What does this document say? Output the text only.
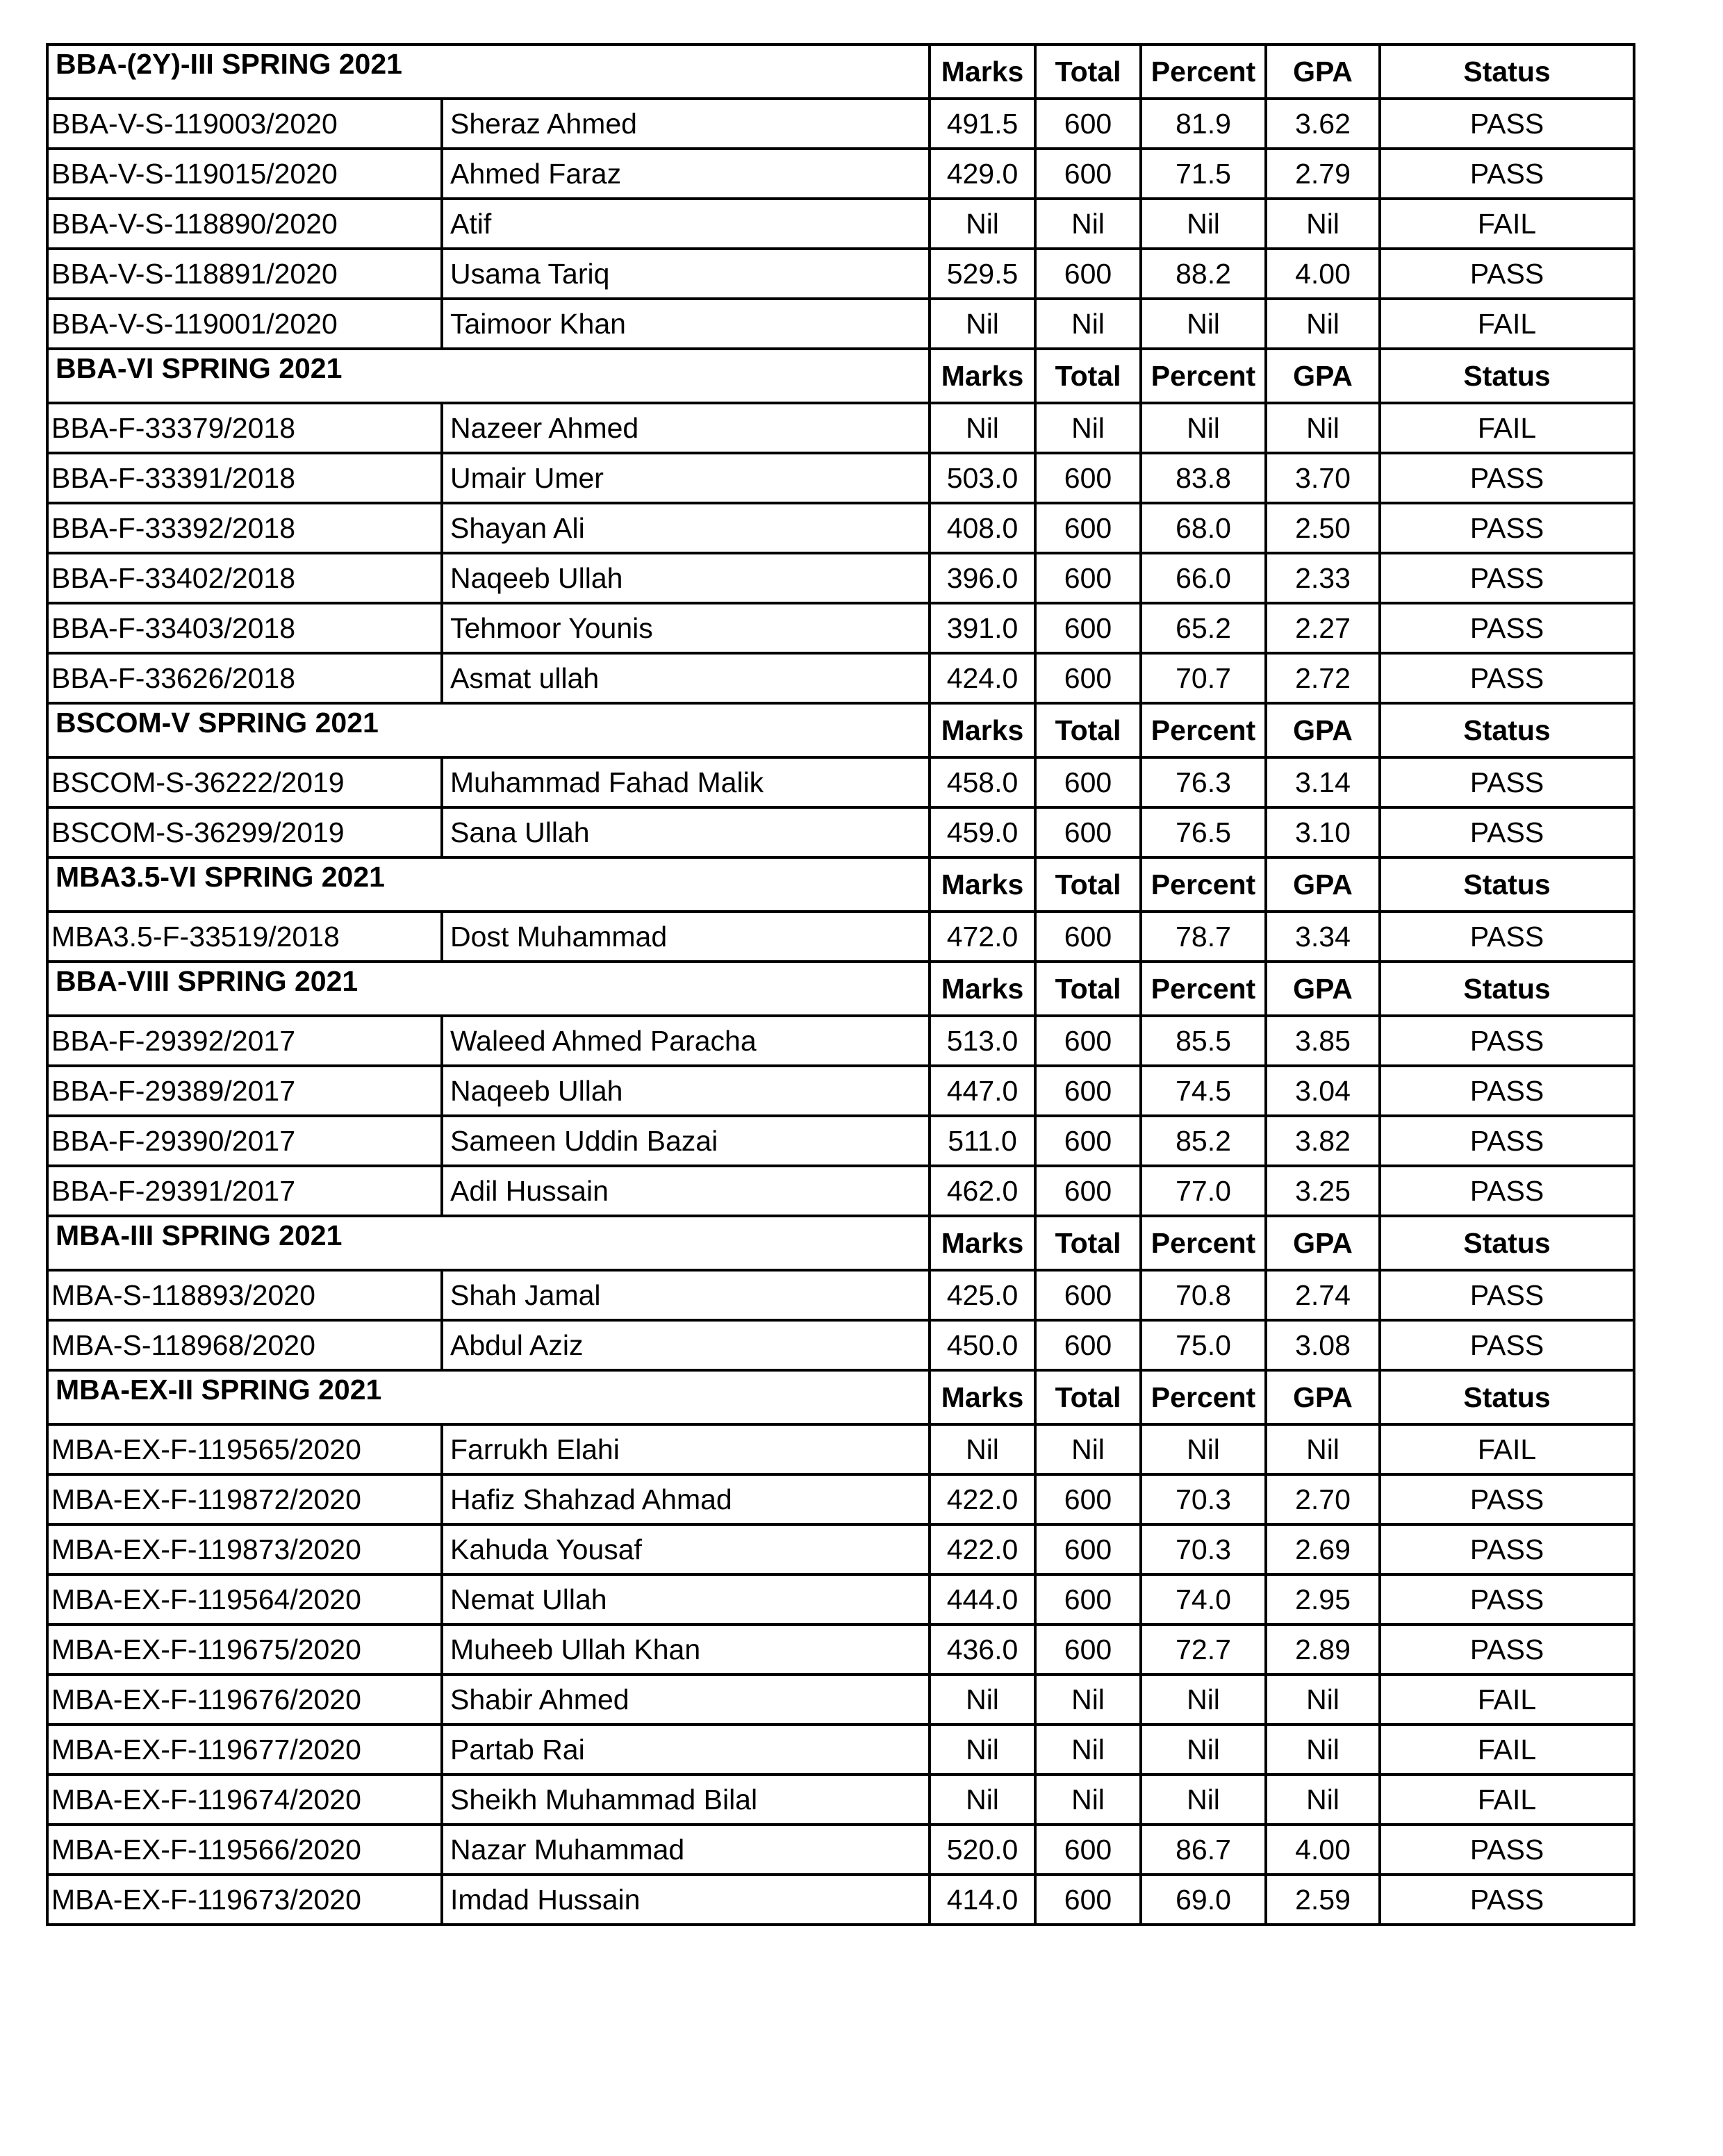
BBA-(2Y)-III SPRING 2021		Marks	Total	Percent	GPA	Status
BBA-V-S-119003/2020	Sheraz Ahmed	491.5	600	81.9	3.62	PASS
BBA-V-S-119015/2020	Ahmed Faraz	429.0	600	71.5	2.79	PASS
BBA-V-S-118890/2020	Atif	Nil	Nil	Nil	Nil	FAIL
BBA-V-S-118891/2020	Usama Tariq	529.5	600	88.2	4.00	PASS
BBA-V-S-119001/2020	Taimoor Khan	Nil	Nil	Nil	Nil	FAIL
BBA-VI SPRING 2021		Marks	Total	Percent	GPA	Status
BBA-F-33379/2018	Nazeer Ahmed	Nil	Nil	Nil	Nil	FAIL
BBA-F-33391/2018	Umair Umer	503.0	600	83.8	3.70	PASS
BBA-F-33392/2018	Shayan Ali	408.0	600	68.0	2.50	PASS
BBA-F-33402/2018	Naqeeb Ullah	396.0	600	66.0	2.33	PASS
BBA-F-33403/2018	Tehmoor Younis	391.0	600	65.2	2.27	PASS
BBA-F-33626/2018	Asmat ullah	424.0	600	70.7	2.72	PASS
BSCOM-V SPRING 2021		Marks	Total	Percent	GPA	Status
BSCOM-S-36222/2019	Muhammad Fahad Malik	458.0	600	76.3	3.14	PASS
BSCOM-S-36299/2019	Sana Ullah	459.0	600	76.5	3.10	PASS
MBA3.5-VI SPRING 2021		Marks	Total	Percent	GPA	Status
MBA3.5-F-33519/2018	Dost Muhammad	472.0	600	78.7	3.34	PASS
BBA-VIII SPRING 2021		Marks	Total	Percent	GPA	Status
BBA-F-29392/2017	Waleed Ahmed Paracha	513.0	600	85.5	3.85	PASS
BBA-F-29389/2017	Naqeeb Ullah	447.0	600	74.5	3.04	PASS
BBA-F-29390/2017	Sameen Uddin Bazai	511.0	600	85.2	3.82	PASS
BBA-F-29391/2017	Adil Hussain	462.0	600	77.0	3.25	PASS
MBA-III SPRING 2021		Marks	Total	Percent	GPA	Status
MBA-S-118893/2020	Shah Jamal	425.0	600	70.8	2.74	PASS
MBA-S-118968/2020	Abdul Aziz	450.0	600	75.0	3.08	PASS
MBA-EX-II SPRING 2021		Marks	Total	Percent	GPA	Status
MBA-EX-F-119565/2020	Farrukh Elahi	Nil	Nil	Nil	Nil	FAIL
MBA-EX-F-119872/2020	Hafiz Shahzad Ahmad	422.0	600	70.3	2.70	PASS
MBA-EX-F-119873/2020	Kahuda Yousaf	422.0	600	70.3	2.69	PASS
MBA-EX-F-119564/2020	Nemat Ullah	444.0	600	74.0	2.95	PASS
MBA-EX-F-119675/2020	Muheeb Ullah Khan	436.0	600	72.7	2.89	PASS
MBA-EX-F-119676/2020	Shabir Ahmed	Nil	Nil	Nil	Nil	FAIL
MBA-EX-F-119677/2020	Partab Rai	Nil	Nil	Nil	Nil	FAIL
MBA-EX-F-119674/2020	Sheikh Muhammad Bilal	Nil	Nil	Nil	Nil	FAIL
MBA-EX-F-119566/2020	Nazar Muhammad	520.0	600	86.7	4.00	PASS
MBA-EX-F-119673/2020	Imdad Hussain	414.0	600	69.0	2.59	PASS
